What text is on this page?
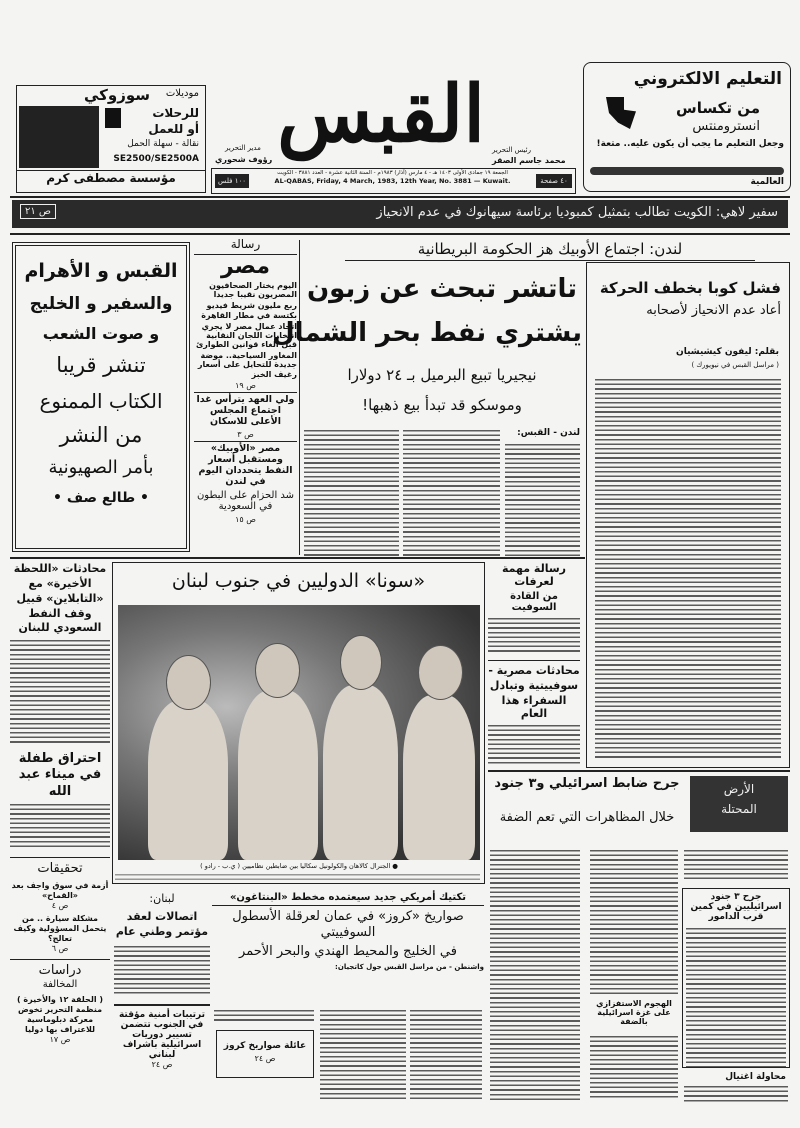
التعليم الالكتروني
من تكساس
انسترومنتس
وجعل التعليم ما يجب أن يكون عليه.. متعة!
العالمية
موديلات
سوزوكي
للرحلات
أو للعمل
نقالة - سهلة الحمل
SE2500/SE2500A
مؤسسة مصطفى كرم
القبس رئيس التحرير
محمد جاسم الصقر
مدير التحرير
رؤوف شحوري
٤٠ صفحة
الجمعة ١٩ جمادى الأولى ١٤٠٣ هـ - ٤ مارس (آذار) ١٩٨٣م - السنة الثانية عشرة - العدد ٣٨٨١ - الكويت
AL-QABAS, Friday, 4 March, 1983, 12th Year, No. 3881 — Kuwait.
١٠٠ فلس
سفير لاهي: الكويت تطالب بتمثيل كمبوديا برئاسة سيهانوك في عدم الانحياز
ص ٢١
القبس و الأهرام
والسفير و الخليج
و صوت الشعب
تنشر قريبا
الكتاب الممنوع
من النشر
بأمر الصهيونية
• طالع صف •
رسالة
مصر
اليوم يختار الصحافيون المصريون نقيبا جديدا
ربع مليون شريط فيديو بكتسة في مطار القاهرة
اتحاد عمال مصر لا يجري انتخابات اللجان النقابية قبل الغاء قوانين الطوارئ
المغاور السياحية.. موضة جديدة للتحايل على أسعار رغيف الخبز
ص ١٩
ولي العهد يترأس غدا اجتماع المجلس الأعلى للاسكان
ص ٣
مصر «الأوبيك» ومستقبل أسعار النفط يتحددان اليوم في لندن
شد الحزام على البطون في السعودية
ص ١٥
لندن: اجتماع الأوبيك هز الحكومة البريطانية
تاتشر تبحث عن زبون
يشتري نفط بحر الشمال
نيجيريا تبيع البرميل بـ ٢٤ دولارا
وموسكو قد تبدأ بيع ذهبها!
لندن - القبس:
فشل كوبا بخطف الحركة
أعاد عدم الانحياز لأصحابه
بقلم: ليفون كيشيشيان
( مراسل القبس في نيويورك )
محادثات «اللحظة الأخيرة» مع «التابلاين» قبيل وقف النفط السعودي للبنان
احتراق طفلة في ميناء عبد الله
تحقيقات
أزمة في سوق واجف بعد «القماح»
ص ٤
مشكلة سيارة .. من يتحمل المسؤولية وكيف تعالج؟
ص ٦
دراسات
المخالفة
( الحلقة ١٢ والأخيرة ) منظمة التحرير تخوض معركة دبلوماسية للاعتراف بها دوليا
ص ١٧
«سونا» الدوليين في جنوب لبنان
● الجنرال كالاهان والكولونيل سكاليا بين ضابطين نظاميين ( ي.ب - رادو )
رسالة مهمة لعرفات
من القادة السوفيت
محادثات مصرية -
سوفييتية وتبادل
السفراء هذا العام
الأرض
المحتلة
جرح ضابط اسرائيلي و٣ جنود
خلال المظاهرات التي تعم الضفة
الهجوم الاستفزازي على غزة اسرائيلية بالضفة
جرح ٣ جنود اسرائيليين في كمين قرب الدامور
محاولة اغتيال
لبنان:
اتصالات لعقد مؤتمر وطني عام
ترتيبات أمنية مؤقتة في الجنوب تتضمن تسيير دوريات اسرائيلية باشراف لبناني
ص ٢٤
تكتيك أمريكي جديد سيعتمده مخطط «البنتاغون»
صواريخ «كروز» في عمان لعرقلة الأسطول السوفييتي
في الخليج والمحيط الهندي والبحر الأحمر
واشنطن - من مراسل القبس جول كاتجيان:
عائلة صواريخ كروز
ص ٢٤
